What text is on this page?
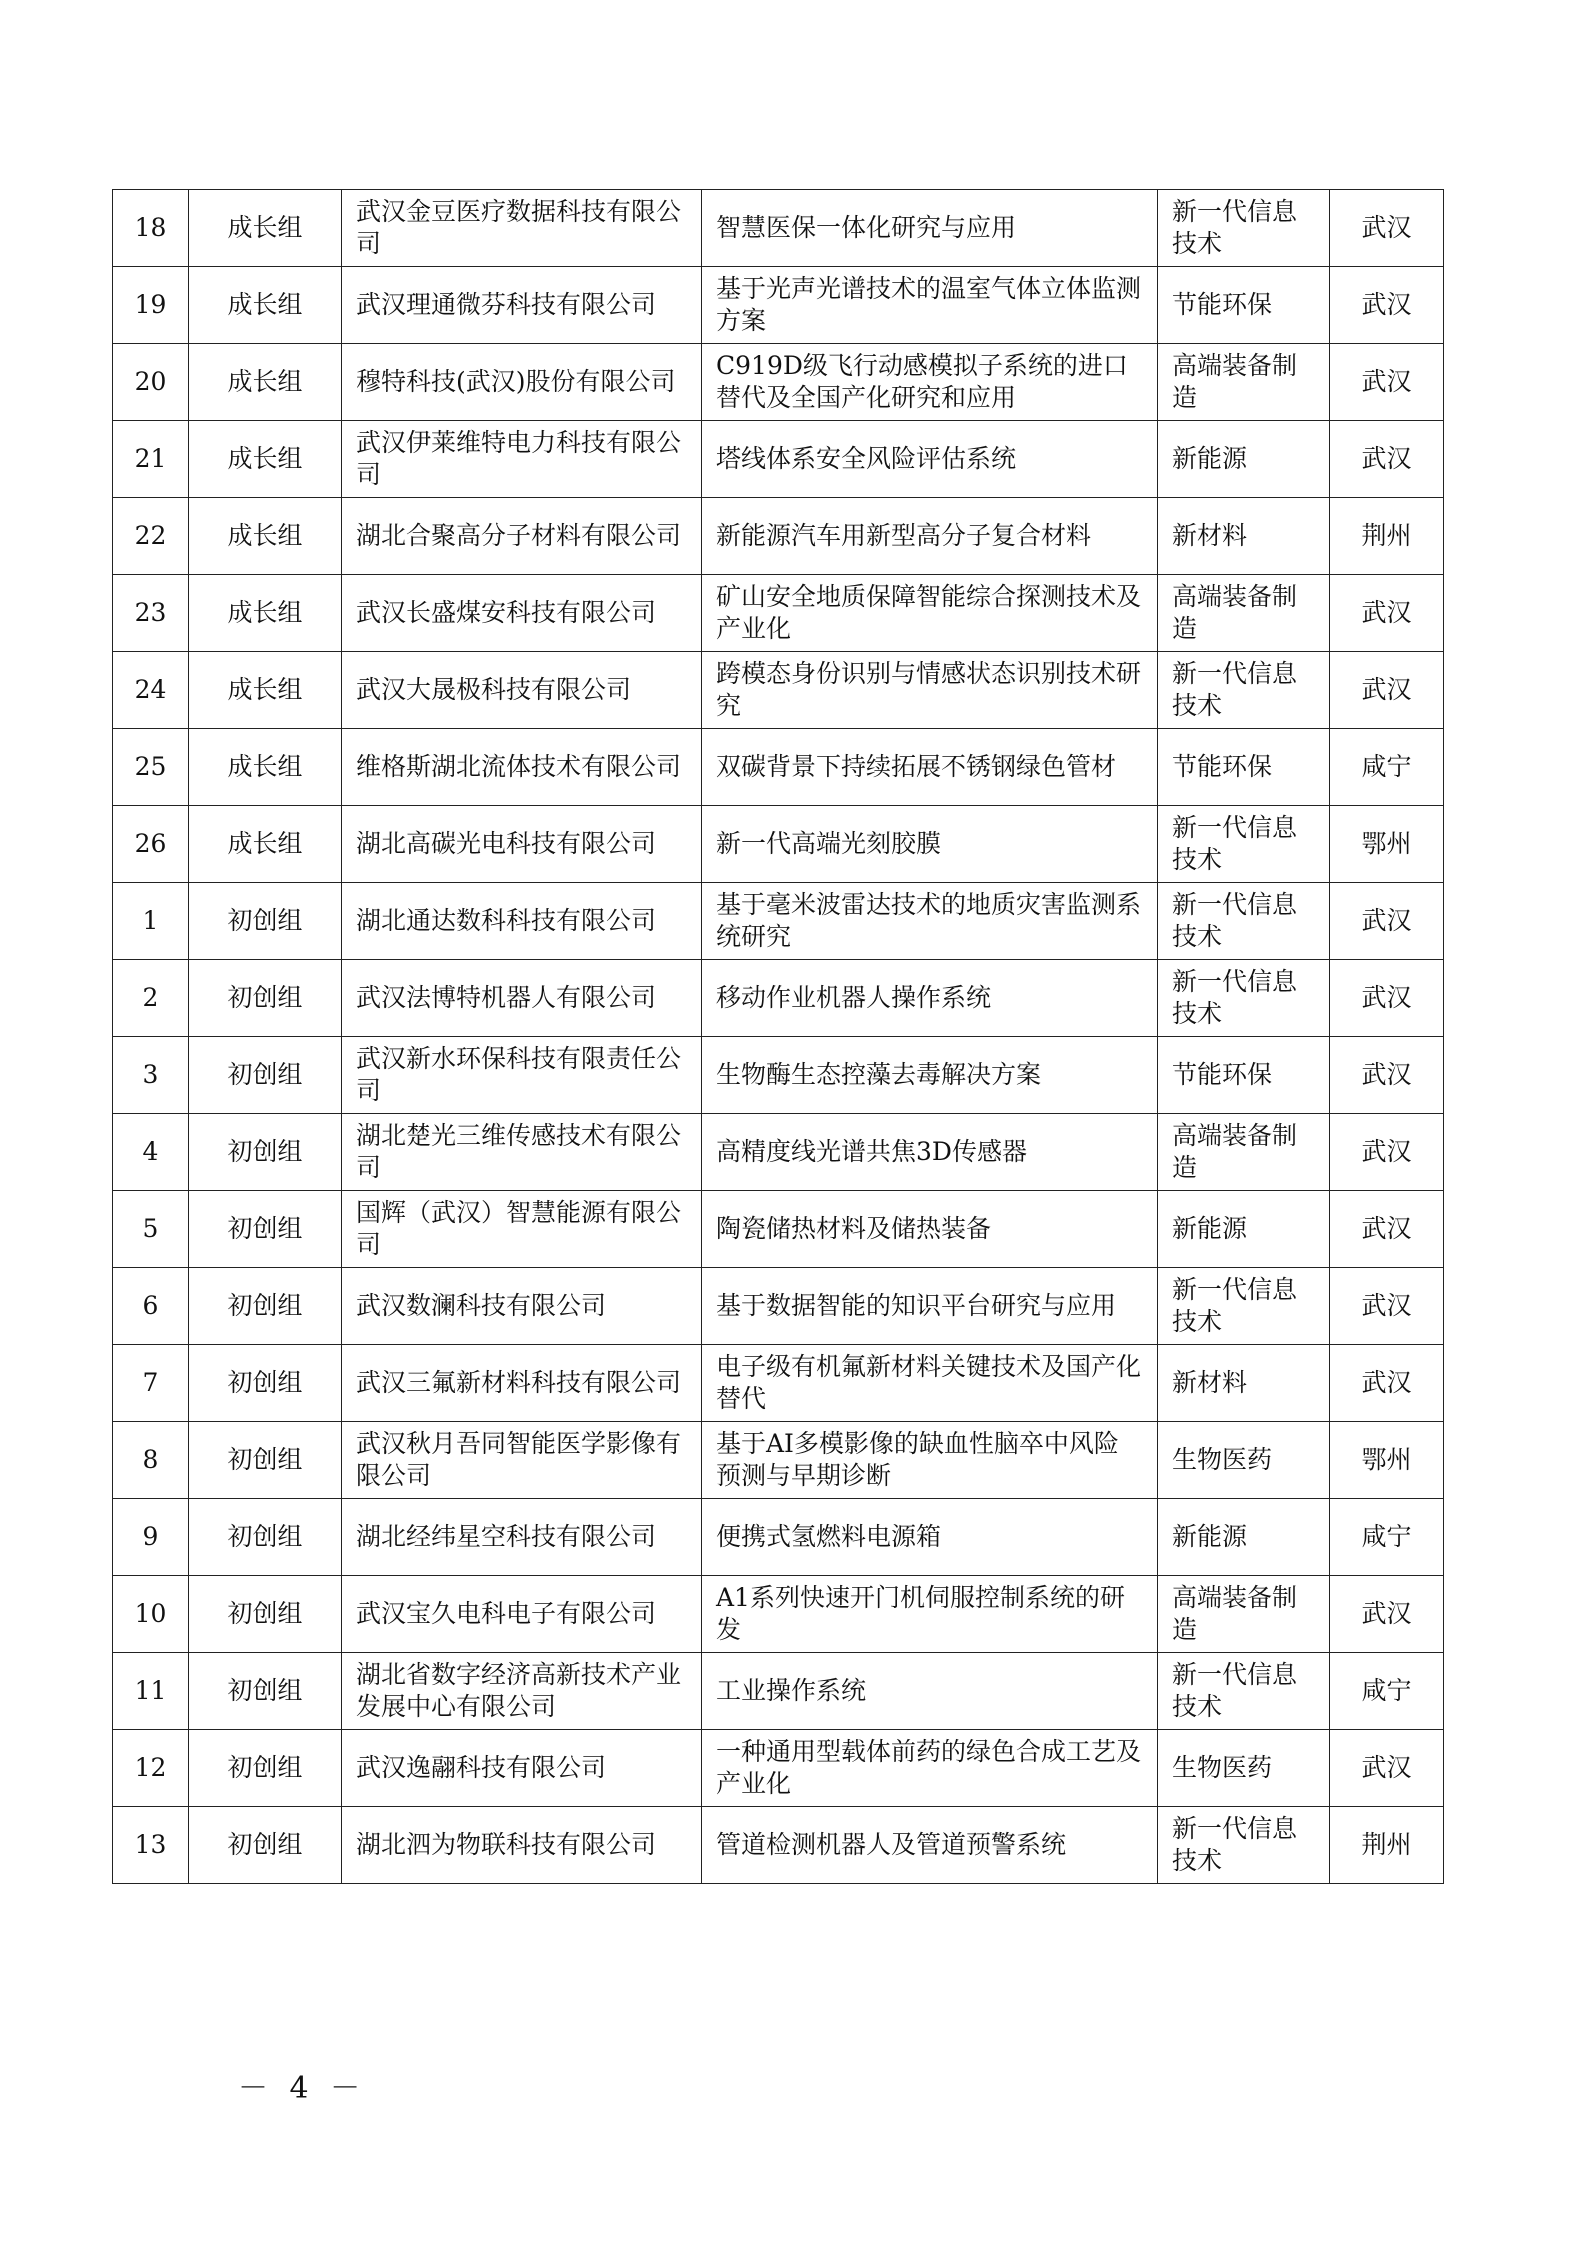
18	成长组	武汉金豆医疗数据科技有限公司	智慧医保一体化研究与应用	新一代信息技术	武汉
19	成长组	武汉理通微芬科技有限公司	基于光声光谱技术的温室气体立体监测方案	节能环保	武汉
20	成长组	穆特科技(武汉)股份有限公司	C919D级飞行动感模拟子系统的进口替代及全国产化研究和应用	高端装备制造	武汉
21	成长组	武汉伊莱维特电力科技有限公司	塔线体系安全风险评估系统	新能源	武汉
22	成长组	湖北合聚高分子材料有限公司	新能源汽车用新型高分子复合材料	新材料	荆州
23	成长组	武汉长盛煤安科技有限公司	矿山安全地质保障智能综合探测技术及产业化	高端装备制造	武汉
24	成长组	武汉大晟极科技有限公司	跨模态身份识别与情感状态识别技术研究	新一代信息技术	武汉
25	成长组	维格斯湖北流体技术有限公司	双碳背景下持续拓展不锈钢绿色管材	节能环保	咸宁
26	成长组	湖北高碳光电科技有限公司	新一代高端光刻胶膜	新一代信息技术	鄂州
1	初创组	湖北通达数科科技有限公司	基于毫米波雷达技术的地质灾害监测系统研究	新一代信息技术	武汉
2	初创组	武汉法博特机器人有限公司	移动作业机器人操作系统	新一代信息技术	武汉
3	初创组	武汉新水环保科技有限责任公司	生物酶生态控藻去毒解决方案	节能环保	武汉
4	初创组	湖北楚光三维传感技术有限公司	高精度线光谱共焦3D传感器	高端装备制造	武汉
5	初创组	国辉（武汉）智慧能源有限公司	陶瓷储热材料及储热装备	新能源	武汉
6	初创组	武汉数澜科技有限公司	基于数据智能的知识平台研究与应用	新一代信息技术	武汉
7	初创组	武汉三氟新材料科技有限公司	电子级有机氟新材料关键技术及国产化替代	新材料	武汉
8	初创组	武汉秋月吾同智能医学影像有限公司	基于AI多模影像的缺血性脑卒中风险预测与早期诊断	生物医药	鄂州
9	初创组	湖北经纬星空科技有限公司	便携式氢燃料电源箱	新能源	咸宁
10	初创组	武汉宝久电科电子有限公司	A1系列快速开门机伺服控制系统的研发	高端装备制造	武汉
11	初创组	湖北省数字经济高新技术产业发展中心有限公司	工业操作系统	新一代信息技术	咸宁
12	初创组	武汉逸翮科技有限公司	一种通用型载体前药的绿色合成工艺及产业化	生物医药	武汉
13	初创组	湖北泗为物联科技有限公司	管道检测机器人及管道预警系统	新一代信息技术	荆州
－ 4 －
